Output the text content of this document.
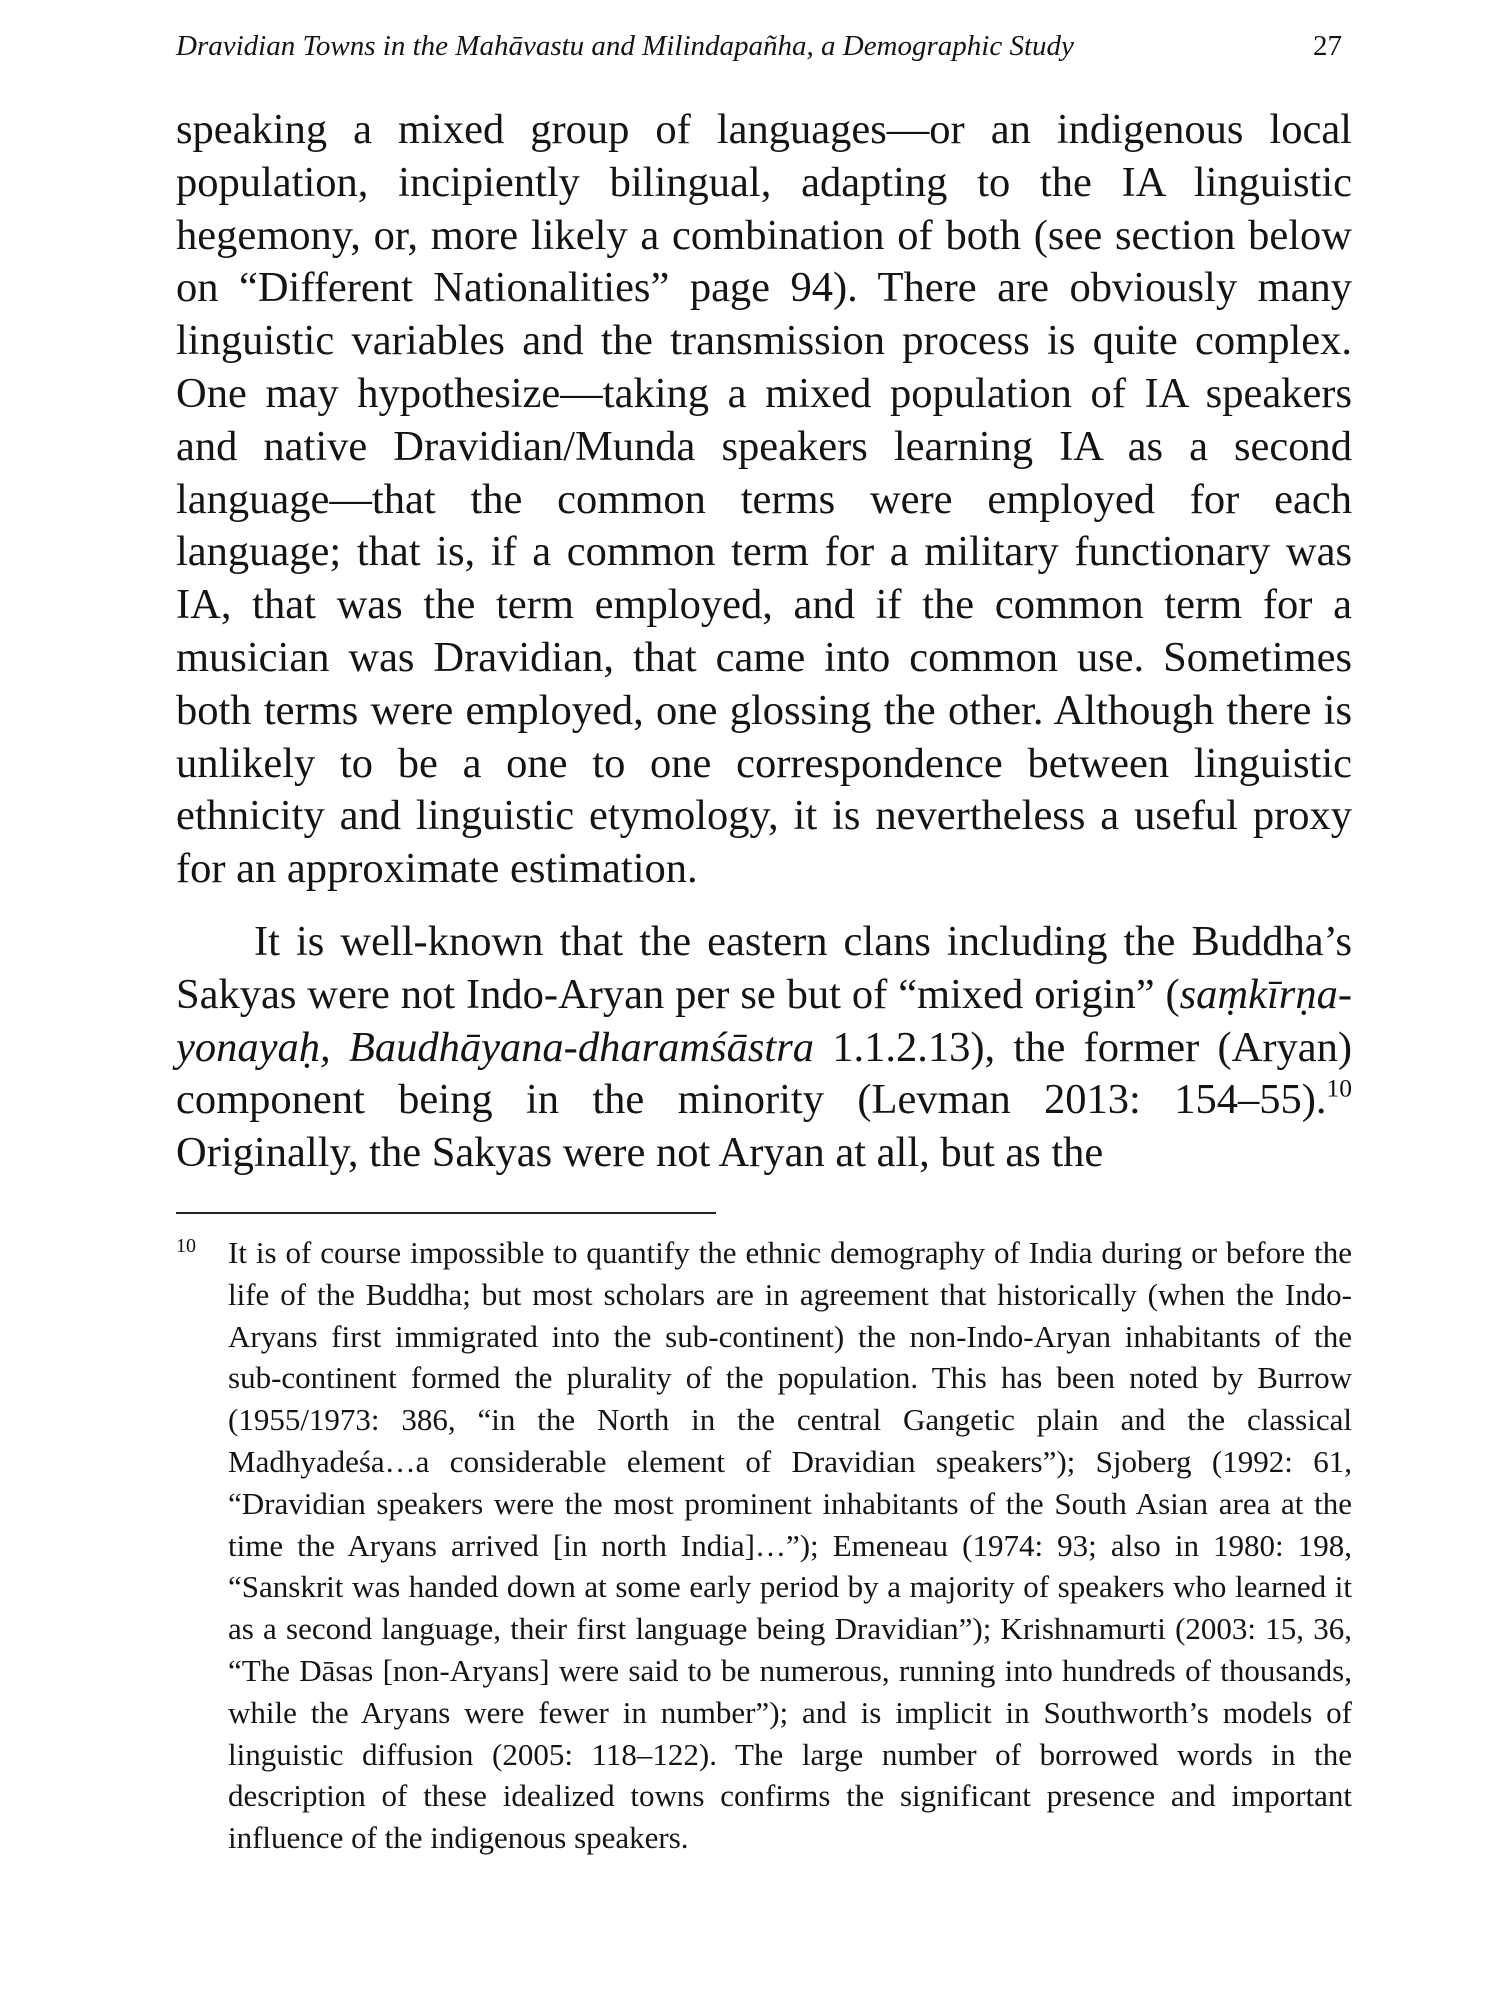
Dravidian Towns in the Mahāvastu and Milindapañha, a Demographic Study	27

speaking a mixed group of languages—or an indigenous local population, incipiently bilingual, adapting to the IA linguistic hegemony, or, more likely a combination of both (see section below on “Different Nationalities” page 94). There are obviously many linguistic variables and the transmission process is quite complex. One may hypothesize—taking a mixed population of IA speakers and native Dravidian/Munda speakers learning IA as a second language—that the common terms were employed for each language; that is, if a common term for a military functionary was IA, that was the term employed, and if the common term for a musician was Dravidian, that came into common use. Sometimes both terms were employed, one glossing the other. Although there is unlikely to be a one to one correspondence between linguistic ethnicity and linguistic etymology, it is nevertheless a useful proxy for an approximate estimation.

It is well-known that the eastern clans including the Buddha’s Sakyas were not Indo-Aryan per se but of “mixed origin” (saṃkīrṇa-yonayaḥ, Baudhāyana-dharamśāstra 1.1.2.13), the former (Aryan) component being in the minority (Levman 2013: 154–55).$^{10}$ Originally, the Sakyas were not Aryan at all, but as the

10 It is of course impossible to quantify the ethnic demography of India during or before the life of the Buddha; but most scholars are in agreement that historically (when the Indo-Aryans first immigrated into the sub-continent) the non-Indo-Aryan inhabitants of the sub-continent formed the plurality of the population. This has been noted by Burrow (1955/1973: 386, “in the North in the central Gangetic plain and the classical Madhyadeśa…a considerable element of Dravidian speakers”); Sjoberg (1992: 61, “Dravidian speakers were the most prominent inhabitants of the South Asian area at the time the Aryans arrived [in north India]…”); Emeneau (1974: 93; also in 1980: 198, “Sanskrit was handed down at some early period by a majority of speakers who learned it as a second language, their first language being Dravidian”); Krishnamurti (2003: 15, 36, “The Dāsas [non-Aryans] were said to be numerous, running into hundreds of thousands, while the Aryans were fewer in number”); and is implicit in Southworth’s models of linguistic diffusion (2005: 118–122). The large number of borrowed words in the description of these idealized towns confirms the significant presence and important influence of the indigenous speakers.
